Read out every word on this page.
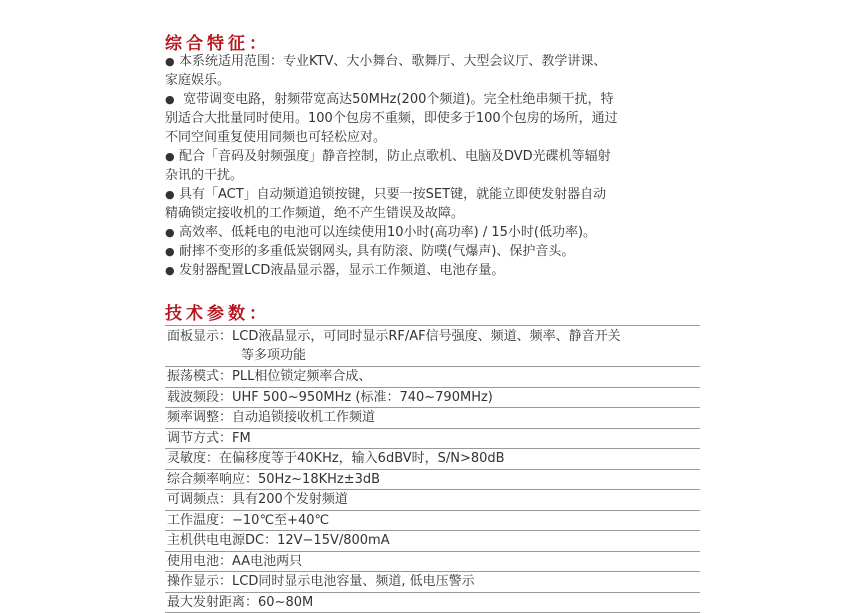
综合特征：
● 本系统适用范围：专业KTV、大小舞台、歌舞厅、大型会议厅、教学讲课、
家庭娱乐。
● 宽带调变电路，射频带宽高达50MHz(200个频道)。完全杜绝串频干扰，特
别适合大批量同时使用。100个包房不重频，即使多于100个包房的场所，通过
不同空间重复使用同频也可轻松应对。
● 配合「音码及射频强度」静音控制，防止点歌机、电脑及DVD光碟机等辐射
杂讯的干扰。
● 具有「ACT」自动频道追锁按键，只要一按SET键，就能立即使发射器自动
精确锁定接收机的工作频道，绝不产生错误及故障。
● 高效率、低耗电的电池可以连续使用10小时(高功率) / 15小时(低功率)。
● 耐摔不变形的多重低炭钢网头, 具有防滚、防噗(气爆声)、保护音头。
● 发射器配置LCD液晶显示器，显示工作频道、电池存量。
技术参数：
面板显示：LCD液晶显示，可同时显示RF/AF信号强度、频道、频率、静音开关
等多项功能
振荡模式：PLL相位锁定频率合成、
载波频段：UHF 500~950MHz (标准：740~790MHz)
频率调整：自动追锁接收机工作频道
调节方式：FM
灵敏度：在偏移度等于40KHz，输入6dBV时，S/N>80dB
综合频率响应：50Hz~18KHz±3dB
可调频点：具有200个发射频道
工作温度：−10℃至+40℃
主机供电电源DC：12V−15V/800mA
使用电池：AA电池两只
操作显示：LCD同时显示电池容量、频道, 低电压警示
最大发射距离：60~80M
